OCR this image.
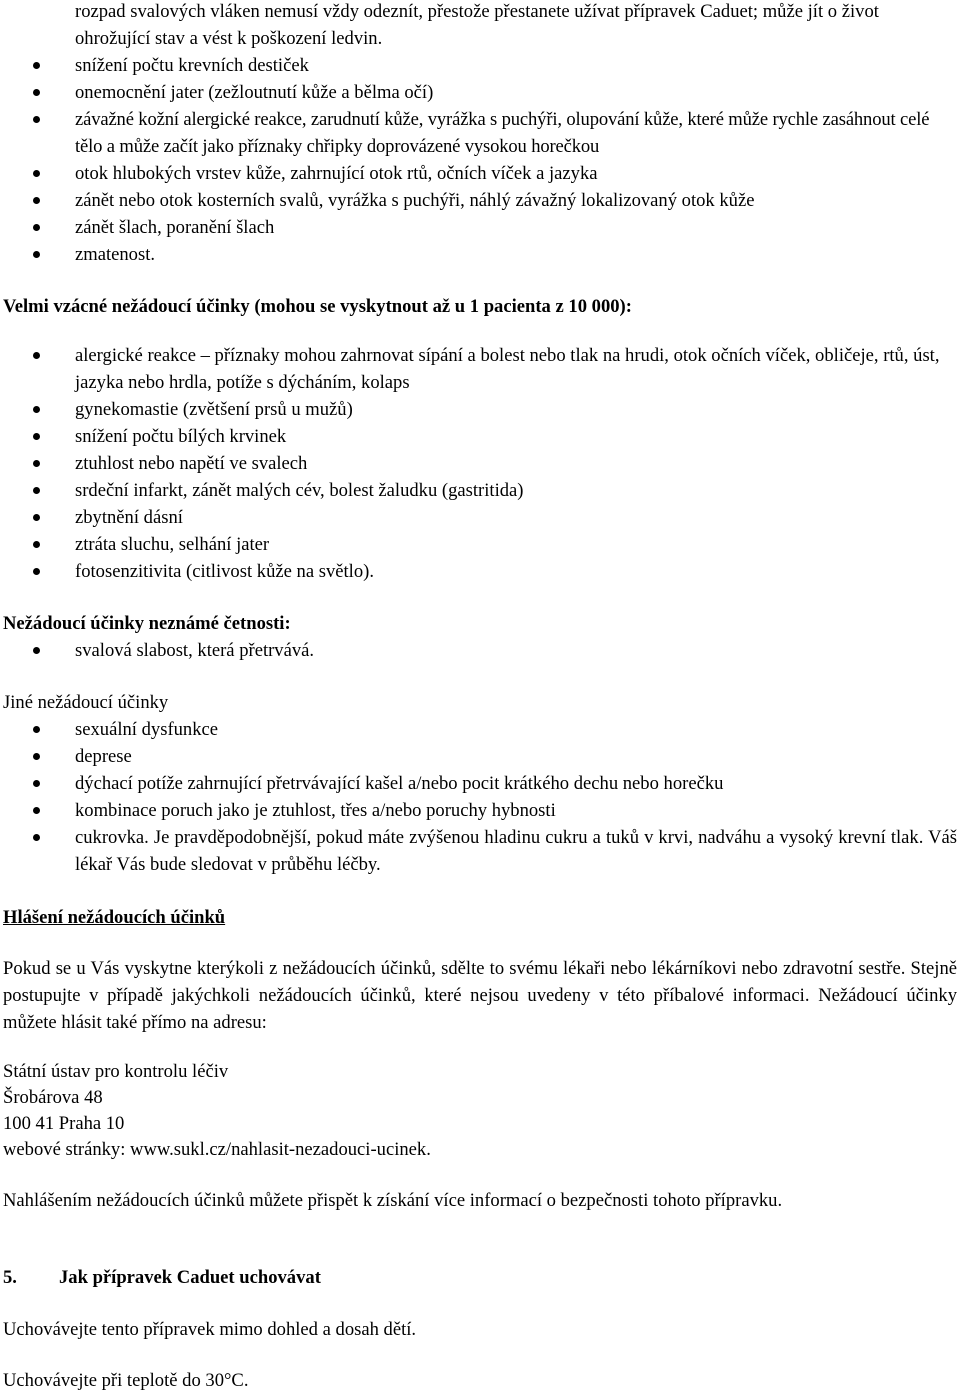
rozpad svalových vláken nemusí vždy odeznít, přestože přestanete užívat přípravek Caduet; může jít o život ohrožující stav a vést k poškození ledvin.
snížení počtu krevních destiček
onemocnění jater (zežloutnutí kůže a bělma očí)
závažné kožní alergické reakce, zarudnutí kůže, vyrážka s puchýři, olupování kůže, které může rychle zasáhnout celé tělo a může začít jako příznaky chřipky doprovázené vysokou horečkou
otok hlubokých vrstev kůže, zahrnující otok rtů, očních víček a jazyka
zánět nebo otok kosterních svalů, vyrážka s puchýři, náhlý závažný lokalizovaný otok kůže
zánět šlach, poranění šlach
zmatenost.
Velmi vzácné nežádoucí účinky (mohou se vyskytnout až u 1 pacienta z 10 000):
alergické reakce – příznaky mohou zahrnovat sípání a bolest nebo tlak na hrudi, otok očních víček, obličeje, rtů, úst, jazyka nebo hrdla, potíže s dýcháním, kolaps
gynekomastie (zvětšení prsů u mužů)
snížení počtu bílých krvinek
ztuhlost nebo napětí ve svalech
srdeční infarkt, zánět malých cév, bolest žaludku (gastritida)
zbytnění dásní
ztráta sluchu, selhání jater
fotosenzitivita (citlivost kůže na světlo).
Nežádoucí účinky neznámé četnosti:
svalová slabost, která přetrvává.
Jiné nežádoucí účinky
sexuální dysfunkce
deprese
dýchací potíže zahrnující přetrvávající kašel a/nebo pocit krátkého dechu nebo horečku
kombinace poruch jako je ztuhlost, třes a/nebo poruchy hybnosti
cukrovka. Je pravděpodobnější, pokud máte zvýšenou hladinu cukru a tuků v krvi, nadváhu a vysoký krevní tlak. Váš lékař Vás bude sledovat v průběhu léčby.
Hlášení nežádoucích účinků
Pokud se u Vás vyskytne kterýkoli z nežádoucích účinků, sdělte to svému lékaři nebo lékárníkovi nebo zdravotní sestře. Stejně postupujte v případě jakýchkoli nežádoucích účinků, které nejsou uvedeny v této příbalové informaci. Nežádoucí účinky můžete hlásit také přímo na adresu:
Státní ústav pro kontrolu léčiv
Šrobárova 48
100 41 Praha 10
webové stránky: www.sukl.cz/nahlasit-nezadouci-ucinek.
Nahlášením nežádoucích účinků můžete přispět k získání více informací o bezpečnosti tohoto přípravku.
5. Jak přípravek Caduet uchovávat
Uchovávejte tento přípravek mimo dohled a dosah dětí.
Uchovávejte při teplotě do 30°C.
